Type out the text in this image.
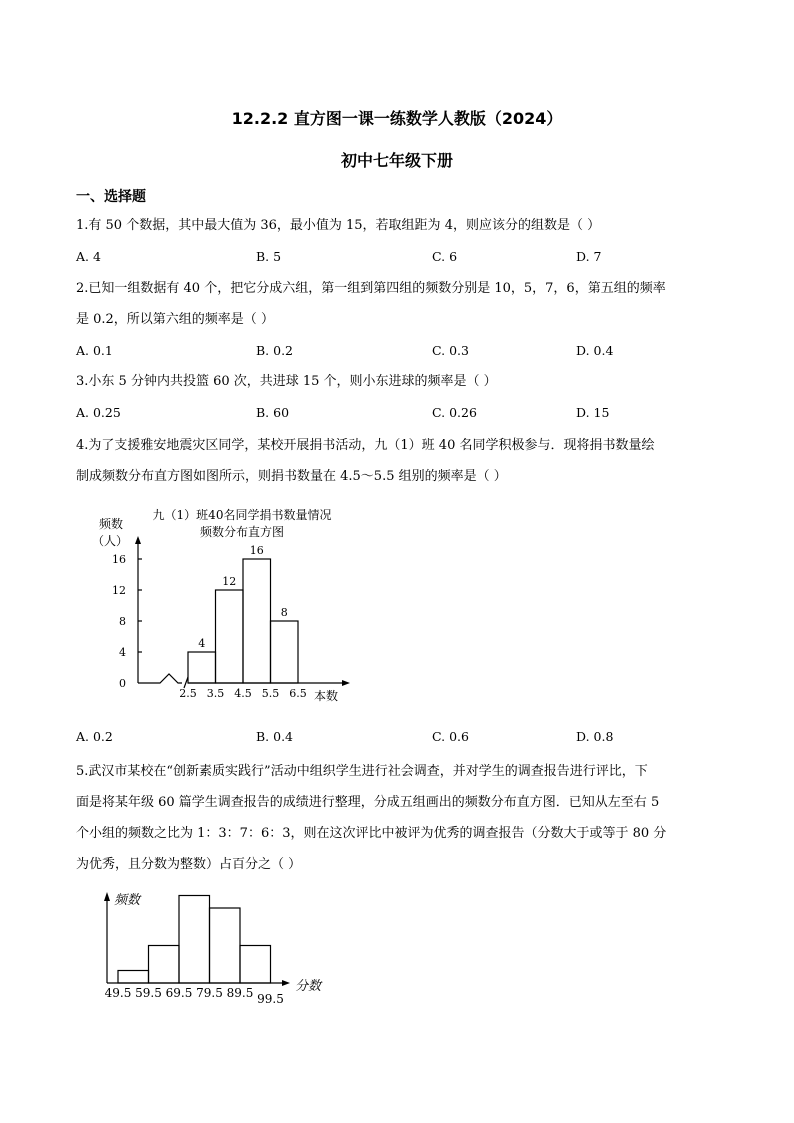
12.2.2 直方图一课一练数学人教版（2024）
初中七年级下册
一、选择题
1.有 50 个数据，其中最大值为 36，最小值为 15，若取组距为 4，则应该分的组数是（ ）
A. 4	B. 5	C. 6	D. 7
2.已知一组数据有 40 个，把它分成六组，第一组到第四组的频数分别是 10，5，7，6，第五组的频率
是 0.2，所以第六组的频率是（ ）
A. 0.1	B. 0.2	C. 0.3	D. 0.4
3.小东 5 分钟内共投篮 60 次，共进球 15 个，则小东进球的频率是（ ）
A. 0.25	B. 60	C. 0.26	D. 15
4.为了支援雅安地震灾区同学，某校开展捐书活动，九（1）班 40 名同学积极参与．现将捐书数量绘
制成频数分布直方图如图所示，则捐书数量在 4.5～5.5 组别的频率是（ ）
九（1）班40名同学捐书数量情况
频数分布直方图
频数
（人）
本数
4
12
16
8
2.5 3.5 4.5 5.5 6.5
0
4
8
12
16
A. 0.2	B. 0.4	C. 0.6	D. 0.8
5.武汉市某校在“创新素质实践行”活动中组织学生进行社会调查，并对学生的调查报告进行评比，下
面是将某年级 60 篇学生调查报告的成绩进行整理，分成五组画出的频数分布直方图．已知从左至右 5
个小组的频数之比为 1：3：7：6：3，则在这次评比中被评为优秀的调查报告（分数大于或等于 80 分
为优秀，且分数为整数）占百分之（ ）
频数
分数
49.5 59.5 69.5 79.5 89.5 99.5
